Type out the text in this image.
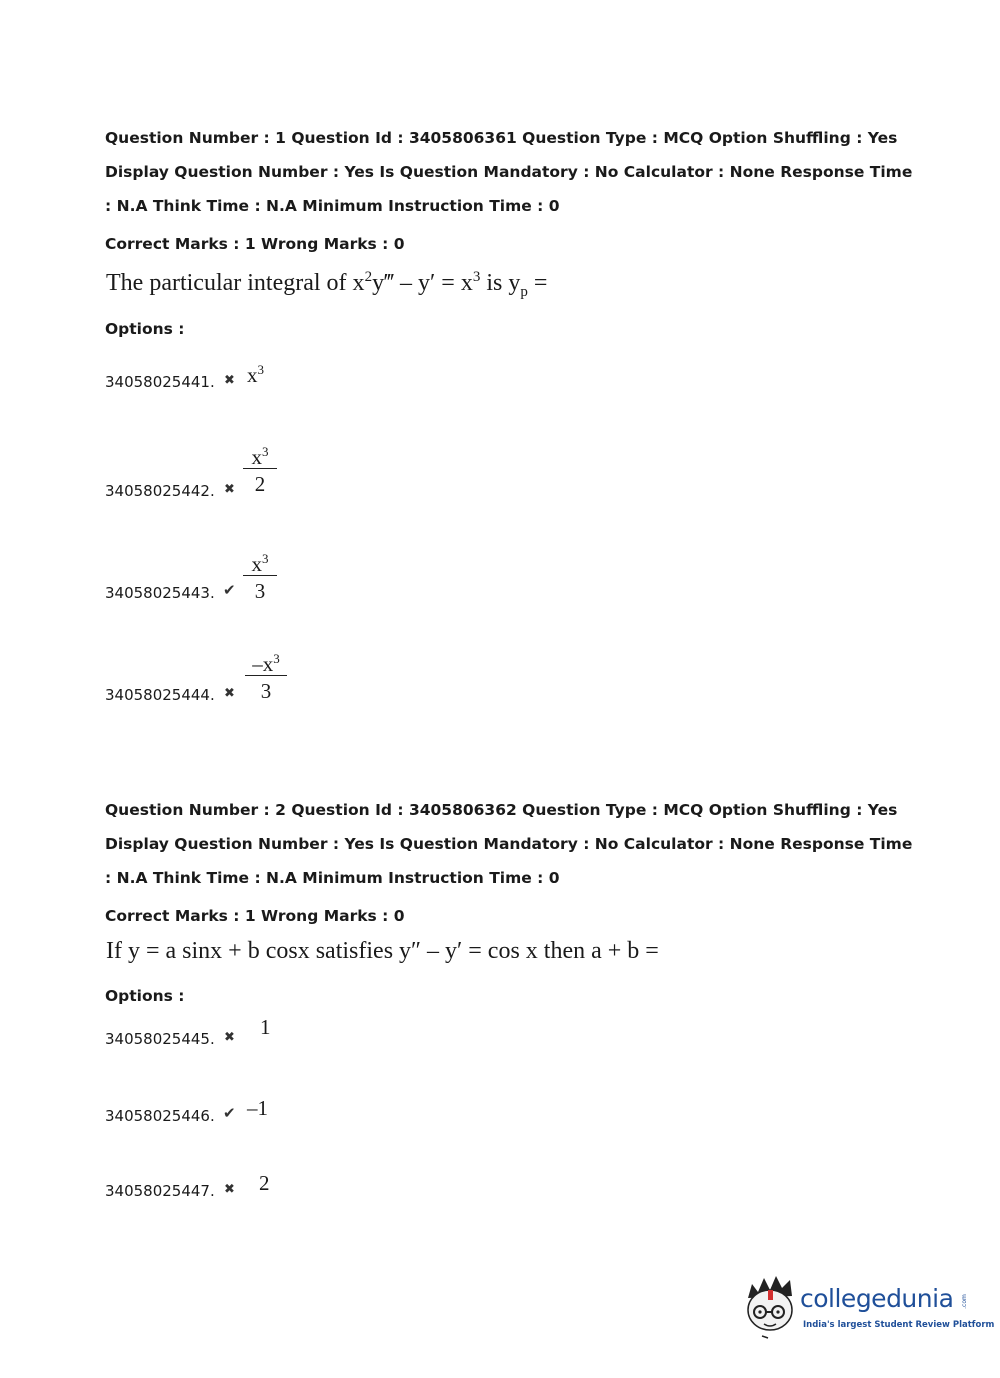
Question Number : 1 Question Id : 3405806361 Question Type : MCQ Option Shuffling : Yes
Display Question Number : Yes Is Question Mandatory : No Calculator : None Response Time
: N.A Think Time : N.A Minimum Instruction Time : 0
Correct Marks : 1 Wrong Marks : 0
The particular integral of $x^2y‴ - y' = x^3$ is $y_p$ =
Options :
34058025441. ✖ $x^3$
34058025442. ✖ $\frac{x^3}{2}$
34058025443. ✔ $\frac{x^3}{3}$
34058025444. ✖ $\frac{-x^3}{3}$
Question Number : 2 Question Id : 3405806362 Question Type : MCQ Option Shuffling : Yes
Display Question Number : Yes Is Question Mandatory : No Calculator : None Response Time
: N.A Think Time : N.A Minimum Instruction Time : 0
Correct Marks : 1 Wrong Marks : 0
If y = a sinx + b cosx satisfies y″ – y′ = cos x then a + b =
Options :
34058025445. ✖ 1
34058025446. ✔ –1
34058025447. ✖ 2
collegedunia .com
India's largest Student Review Platform
